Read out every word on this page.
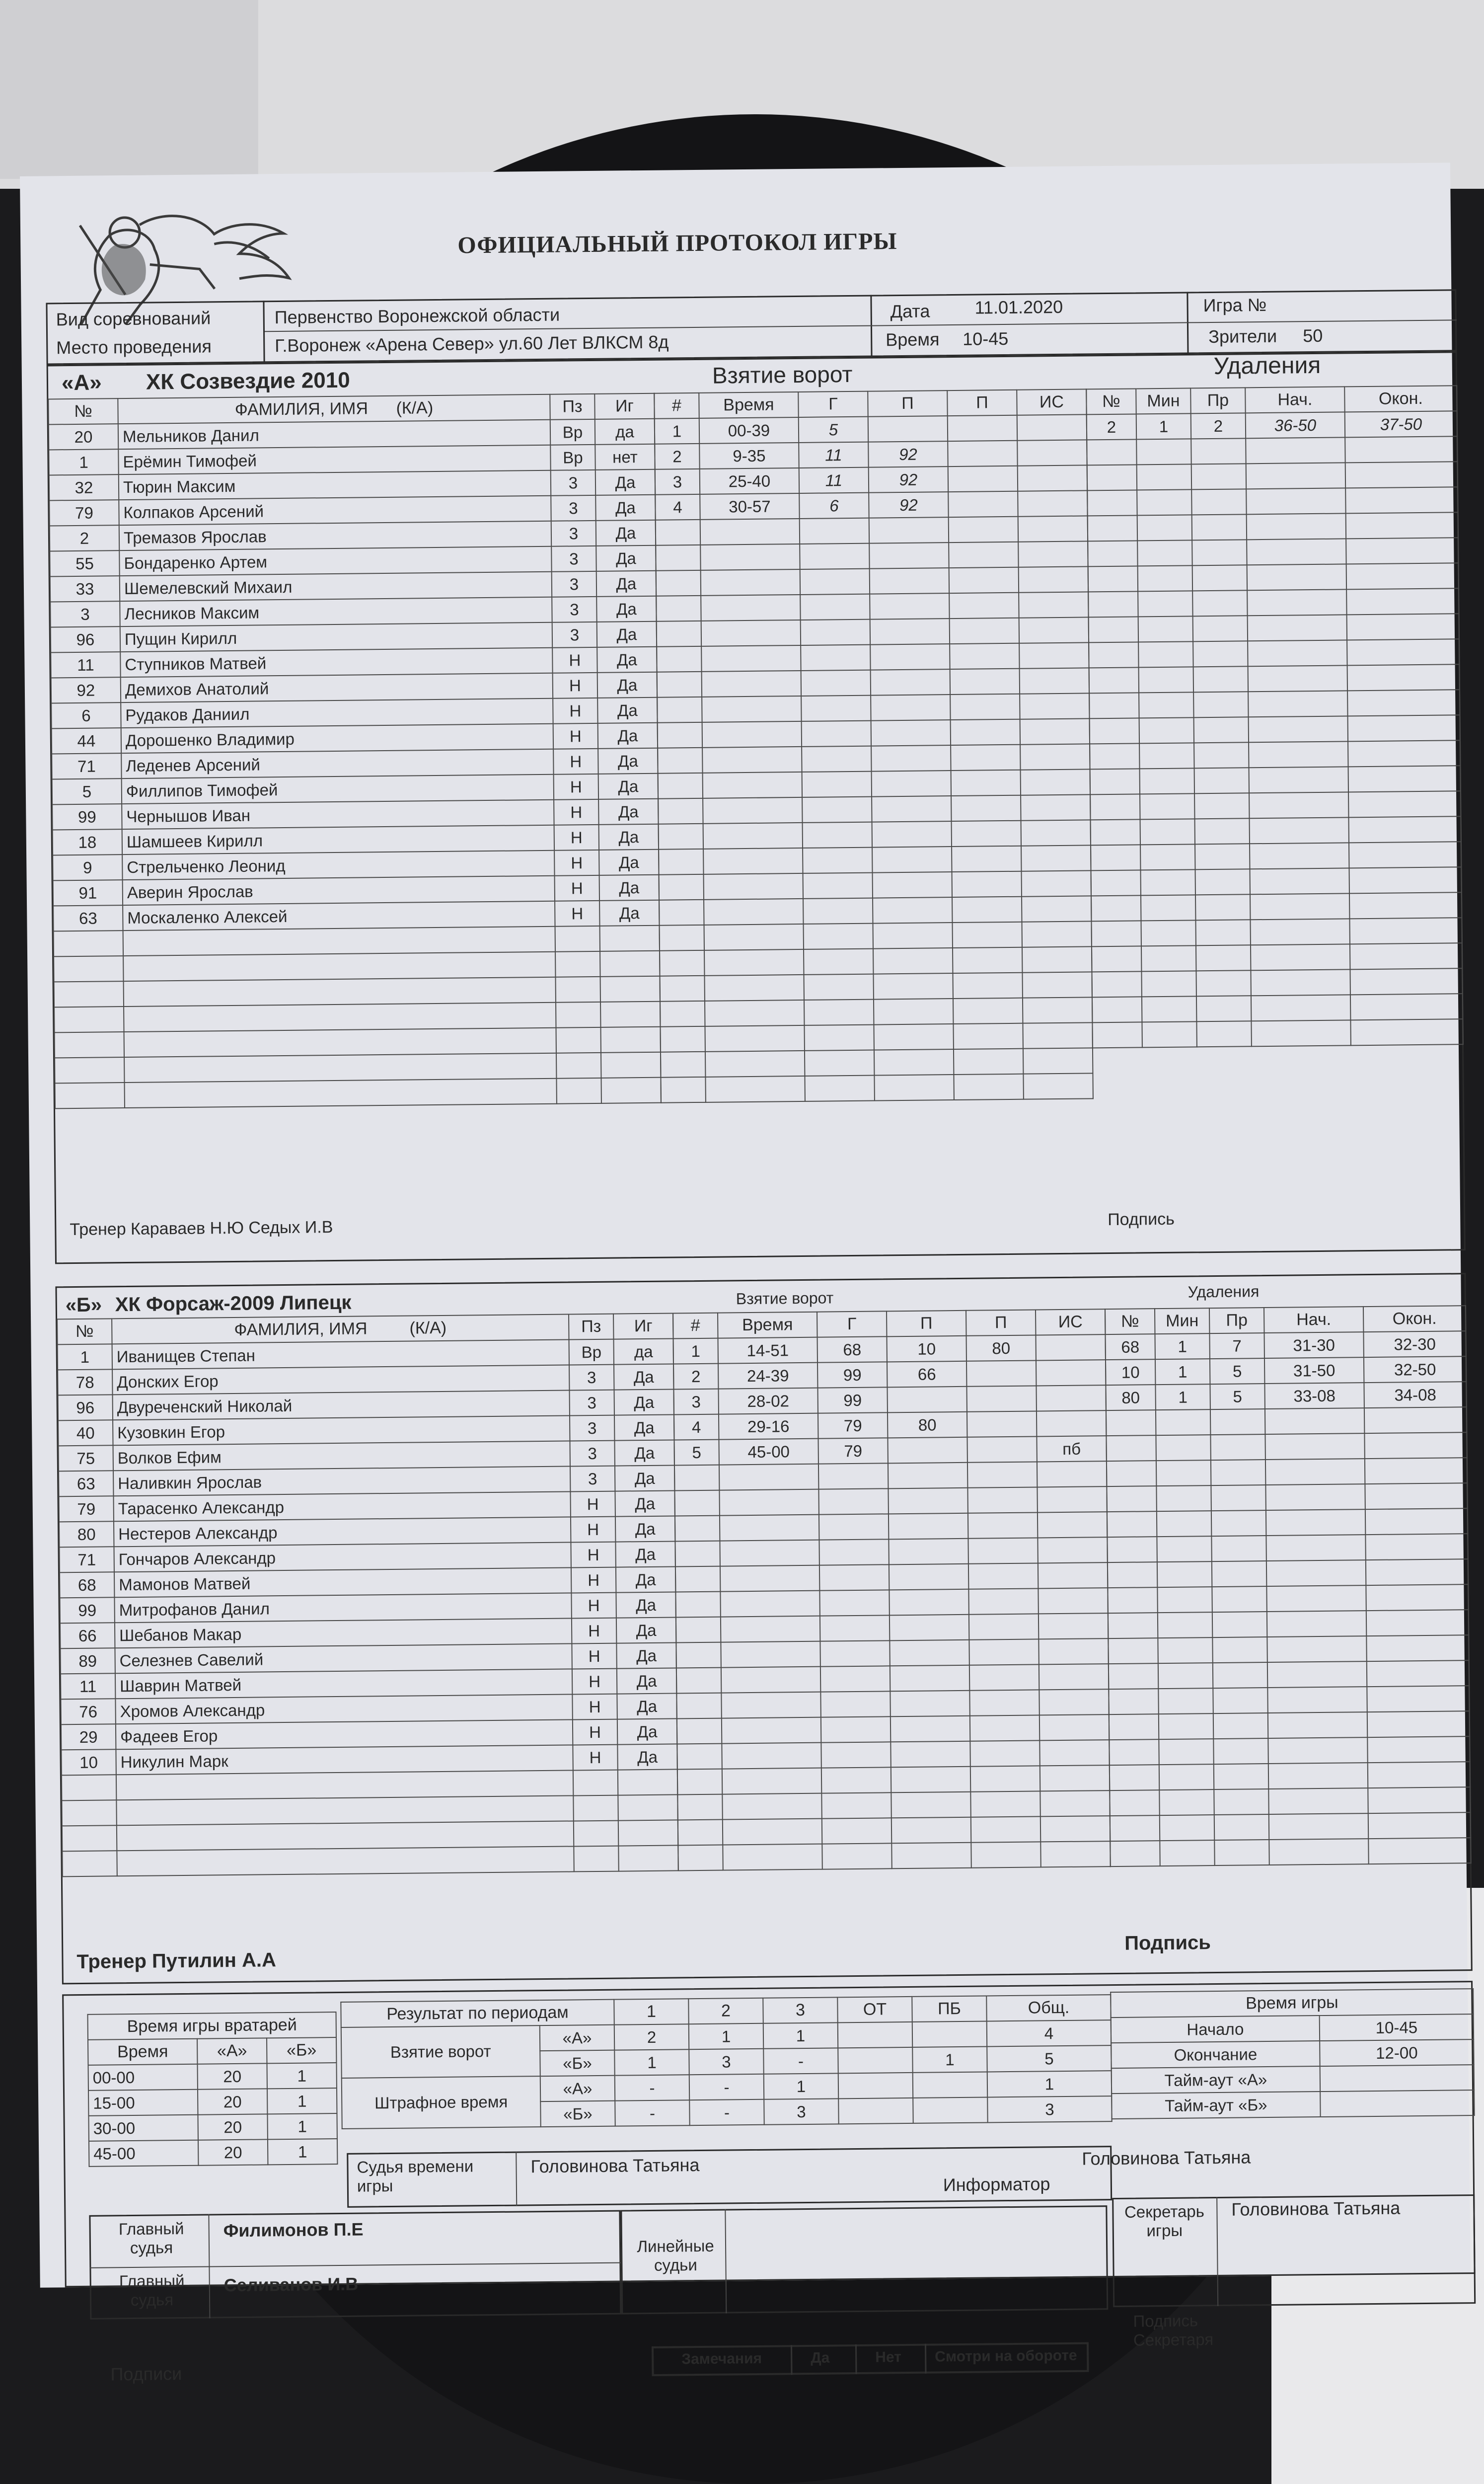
ОФИЦИАЛЬНЫЙ ПРОТОКОЛ ИГРЫ
Вид соревнований	Первенство Воронежской области
Место проведения	Г.Воронеж «Арена Север» ул.60 Лет ВЛКСМ 8д
Дата 11.01.2020
Время 10-45
Игра №
Зрители 50
«А» ХК Созвездие 2010	Взятие ворот	Удаления
№	ФАМИЛИЯ, ИМЯ (К/А)	Пз	Иг
20	Мельников Данил	Вр	да
1	Ерёмин Тимофей	Вр	нет
32	Тюрин Максим	3	Да
79	Колпаков Арсений	3	Да
2	Тремазов Ярослав	3	Да
55	Бондаренко Артем	3	Да
33	Шемелевский Михаил	3	Да
3	Лесников Максим	3	Да
96	Пущин Кирилл	3	Да
11	Ступников Матвей	Н	Да
92	Демихов Анатолий	Н	Да
6	Рудаков Даниил	Н	Да
44	Дорошенко Владимир	Н	Да
71	Леденев Арсений	Н	Да
5	Филлипов Тимофей	Н	Да
99	Чернышов Иван	Н	Да
18	Шамшеев Кирилл	Н	Да
9	Стрельченко Леонид	Н	Да
91	Аверин Ярослав	Н	Да
63	Москаленко Алексей	Н	Да

#	Время	Г	П	П	ИС
1	00-39	5			
2	9-35	11	92		
3	25-40	11	92		
4	30-57	6	92		

№	Мин	Пр	Нач.	Окон.
2	1	2	36-50	37-50

Тренер Караваев Н.Ю Седых И.В	Подпись
«Б» ХК Форсаж-2009 Липецк	Взятие ворот	Удаления
№	ФАМИЛИЯ, ИМЯ (К/А)	Пз	Иг
1	Иванищев Степан	Вр	да
78	Донских Егор	3	Да
96	Двуреченский Николай	3	Да
40	Кузовкин Егор	3	Да
75	Волков Ефим	3	Да
63	Наливкин Ярослав	3	Да
79	Тарасенко Александр	Н	Да
80	Нестеров Александр	Н	Да
71	Гончаров Александр	Н	Да
68	Мамонов Матвей	Н	Да
99	Митрофанов Данил	Н	Да
66	Шебанов Макар	Н	Да
89	Селезнев Савелий	Н	Да
11	Шаврин Матвей	Н	Да
76	Хромов Александр	Н	Да
29	Фадеев Егор	Н	Да
10	Никулин Марк	Н	Да

#	Время	Г	П	П	ИС
1	14-51	68	10	80	
2	24-39	99	66		
3	28-02	99			
4	29-16	79	80		
5	45-00	79			пб

№	Мин	Пр	Нач.	Окон.
68	1	7	31-30	32-30
10	1	5	31-50	32-50
80	1	5	33-08	34-08

Тренер Путилин А.А
Подпись
Время игры вратарей		
Время	«А»	«Б»
00-00	20	1
15-00	20	1
30-00	20	1
45-00	20	1
Результат по периодам		1	2	3	ОТ	ПБ	Общ.
Взятие ворот	«А»	2	1	1			4
	«Б»	1	3	-		1	5
Штрафное время	«А»	-	-	1			1
	«Б»	-	-	3			3
Время игры	
Начало	10-45
Окончание	12-00
Тайм-аут «А»	
Тайм-аут «Б»	
Судья времени игры
Головинова Татьяна
Информатор
Головинова Татьяна
Главный судья
Филимонов П.Е
Главный судья
Селиванов И.В
Подписи
Линейные судьи
Секретарь игры
Головинова Татьяна
Подпись Секретаря
Замечания	Да	Нет Смотри на обороте
